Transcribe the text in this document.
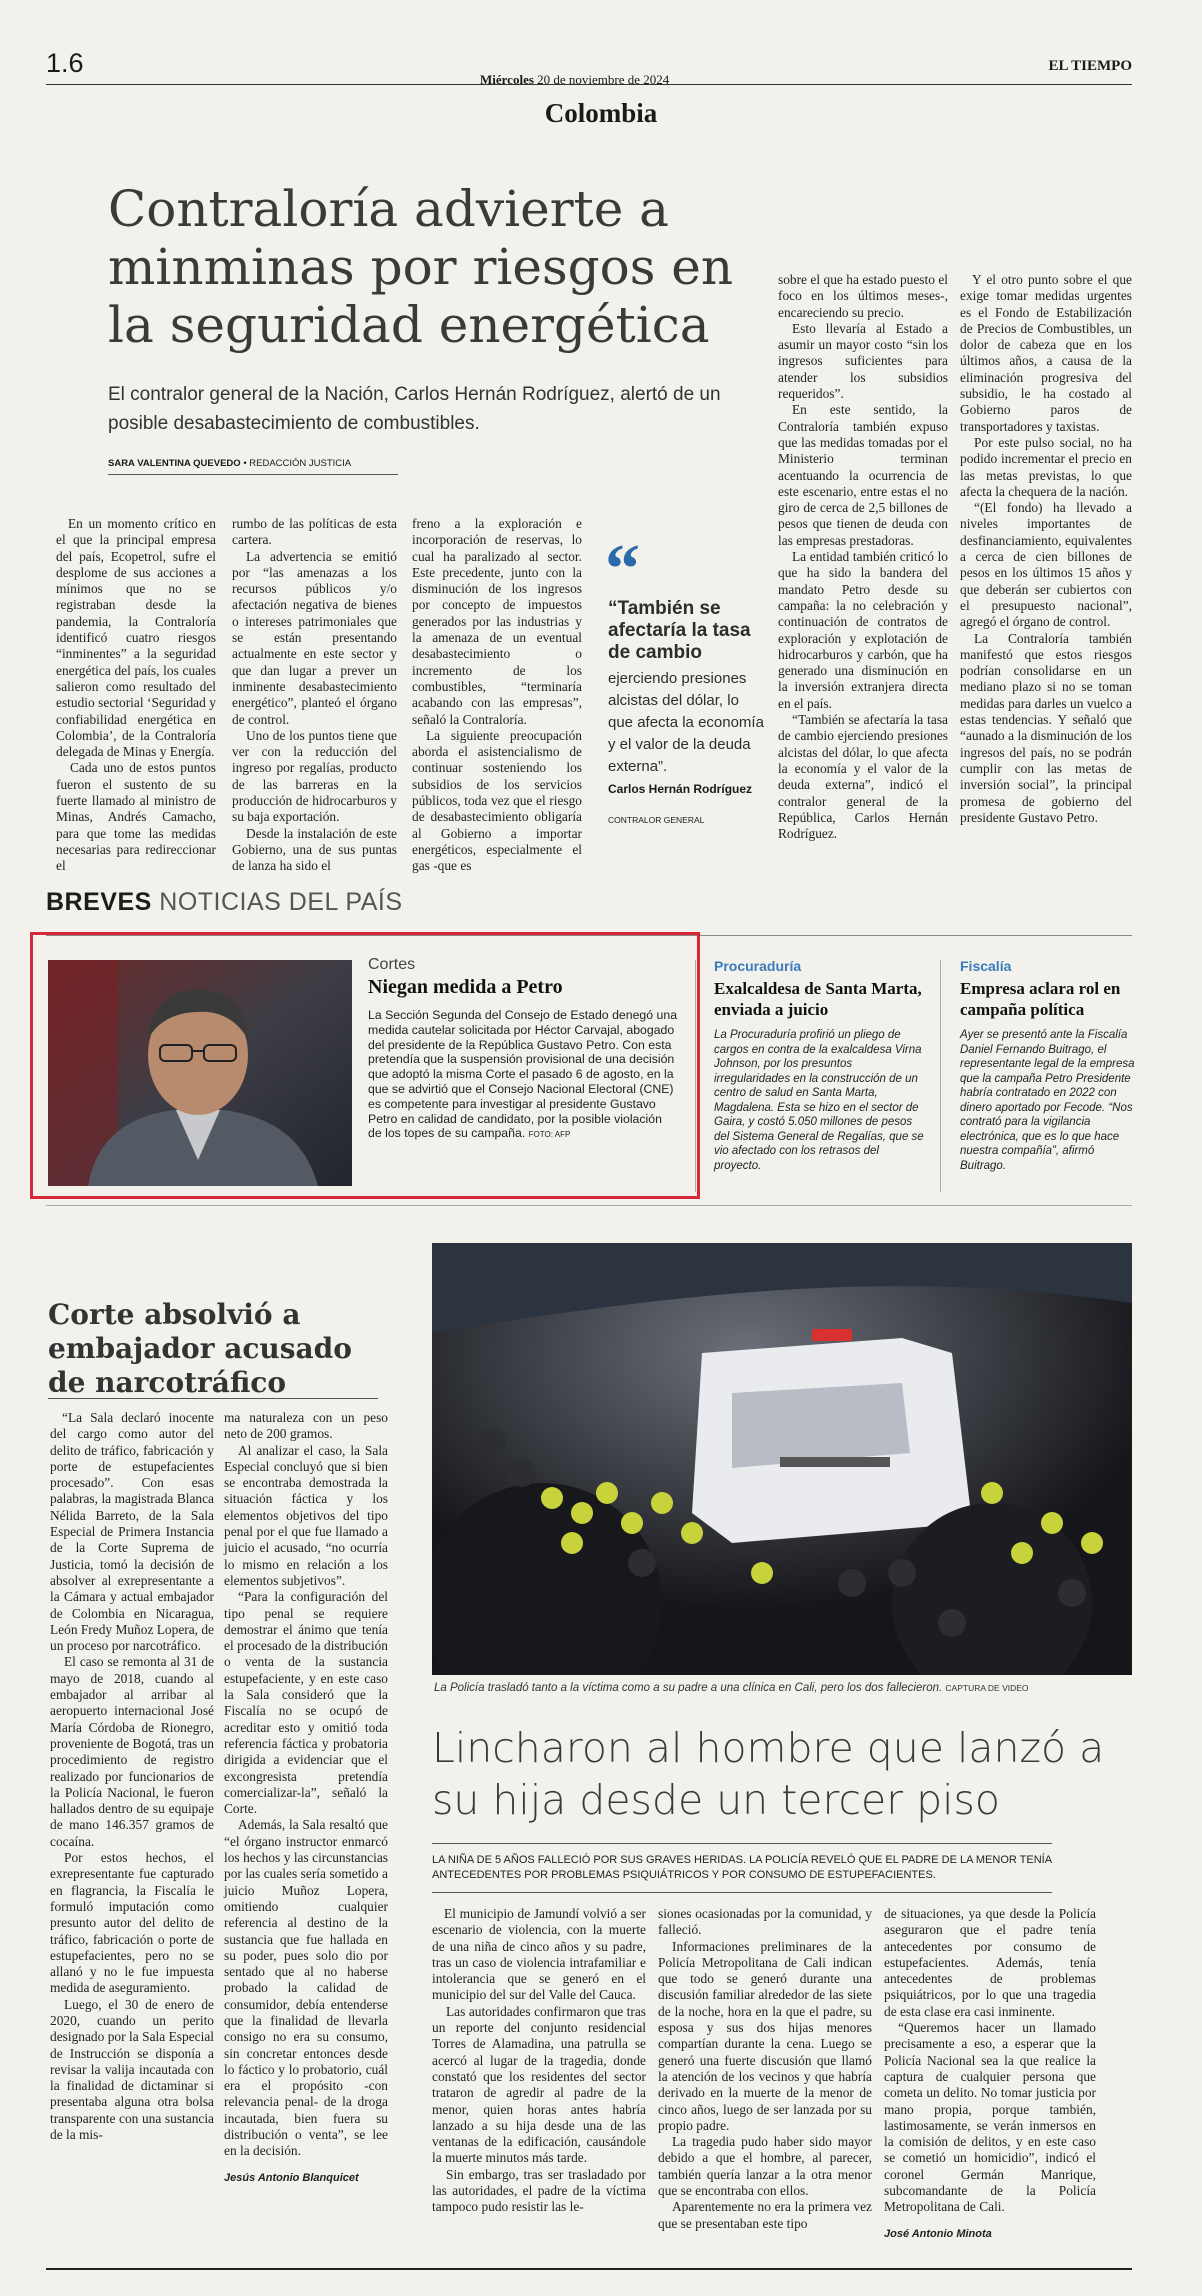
1.6
Miércoles 20 de noviembre de 2024
EL TIEMPO
Colombia
Contraloría advierte a minminas por riesgos en la seguridad energética
El contralor general de la Nación, Carlos Hernán Rodríguez, alertó de un posible desabastecimiento de combustibles.
SARA VALENTINA QUEVEDO • REDACCIÓN JUSTICIA

En un momento crítico en el que la principal empresa del país, Ecopetrol, sufre el desplome de sus acciones a mínimos que no se registraban desde la pandemia, la Contraloría identificó cuatro riesgos “inminentes” a la seguridad energética del país, los cuales salieron como resultado del estudio sectorial ‘Seguridad y confiabilidad energética en Colombia’, de la Contraloría delegada de Minas y Energía.

Cada uno de estos puntos fueron el sustento de su fuerte llamado al ministro de Minas, Andrés Camacho, para que tome las medidas necesarias para redireccionar el

rumbo de las políticas de esta cartera.

La advertencia se emitió por “las amenazas a los recursos públicos y/o afectación negativa de bienes o intereses patrimoniales que se están presentando actualmente en este sector y que dan lugar a prever un inminente desabastecimiento energético”, planteó el órgano de control.

Uno de los puntos tiene que ver con la reducción del ingreso por regalías, producto de las barreras en la producción de hidrocarburos y su baja exportación.

Desde la instalación de este Gobierno, una de sus puntas de lanza ha sido el

freno a la exploración e incorporación de reservas, lo cual ha paralizado al sector. Este precedente, junto con la disminución de los ingresos por concepto de impuestos generados por las industrias y la amenaza de un eventual desabastecimiento o incremento de los combustibles, “terminaría acabando con las empresas”, señaló la Contraloría.

La siguiente preocupación aborda el asistencialismo de continuar sosteniendo los subsidios de los servicios públicos, toda vez que el riesgo de desabastecimiento obligaría al Gobierno a importar energéticos, especialmente el gas -que es

“
“También se afectaría la tasa de cambio
ejerciendo presiones alcistas del dólar, lo que afecta la economía y el valor de la deuda externa”.
Carlos Hernán Rodríguez
CONTRALOR GENERAL

sobre el que ha estado puesto el foco en los últimos meses-, encareciendo su precio.

Esto llevaría al Estado a asumir un mayor costo “sin los ingresos suficientes para atender los subsidios requeridos”.

En este sentido, la Contraloría también expuso que las medidas tomadas por el Ministerio terminan acentuando la ocurrencia de este escenario, entre estas el no giro de cerca de 2,5 billones de pesos que tienen de deuda con las empresas prestadoras.

La entidad también criticó lo que ha sido la bandera del mandato Petro desde su campaña: la no celebración y continuación de contratos de exploración y explotación de hidrocarburos y carbón, que ha generado una disminución en la inversión extranjera directa en el país.

“También se afectaría la tasa de cambio ejerciendo presiones alcistas del dólar, lo que afecta la economía y el valor de la deuda externa”, indicó el contralor general de la República, Carlos Hernán Rodríguez.

Y el otro punto sobre el que exige tomar medidas urgentes es el Fondo de Estabilización de Precios de Combustibles, un dolor de cabeza que en los últimos años, a causa de la eliminación progresiva del subsidio, le ha costado al Gobierno paros de transportadores y taxistas.

Por este pulso social, no ha podido incrementar el precio en las metas previstas, lo que afecta la chequera de la nación.

“(El fondo) ha llevado a niveles importantes de desfinanciamiento, equivalentes a cerca de cien billones de pesos en los últimos 15 años y que deberán ser cubiertos con el presupuesto nacional”, agregó el órgano de control.

La Contraloría también manifestó que estos riesgos podrían consolidarse en un mediano plazo si no se toman medidas para darles un vuelco a estas tendencias. Y señaló que “aunado a la disminución de los ingresos del país, no se podrán cumplir con las metas de inversión social”, la principal promesa de gobierno del presidente Gustavo Petro.

BREVES NOTICIAS DEL PAÍS
Cortes
Niegan medida a Petro
La Sección Segunda del Consejo de Estado denegó una medida cautelar solicitada por Héctor Carvajal, abogado del presidente de la República Gustavo Petro. Con esta pretendía que la suspensión provisional de una decisión que adoptó la misma Corte el pasado 6 de agosto, en la que se advirtió que el Consejo Nacional Electoral (CNE) es competente para investigar al presidente Gustavo Petro en calidad de candidato, por la posible violación de los topes de su campaña. FOTO: AFP
Procuraduría
Exalcaldesa de Santa Marta, enviada a juicio
La Procuraduría profirió un pliego de cargos en contra de la exalcaldesa Virna Johnson, por los presuntos irregularidades en la construcción de un centro de salud en Santa Marta, Magdalena. Esta se hizo en el sector de Gaira, y costó 5.050 millones de pesos del Sistema General de Regalías, que se vio afectado con los retrasos del proyecto.
Fiscalía
Empresa aclara rol en campaña política
Ayer se presentó ante la Fiscalía Daniel Fernando Buitrago, el representante legal de la empresa que la campaña Petro Presidente habría contratado en 2022 con dinero aportado por Fecode. “Nos contrató para la vigilancia electrónica, que es lo que hace nuestra compañía”, afirmó Buitrago.
Corte absolvió a embajador acusado de narcotráfico

“La Sala declaró inocente del cargo como autor del delito de tráfico, fabricación y porte de estupefacientes procesado”. Con esas palabras, la magistrada Blanca Nélida Barreto, de la Sala Especial de Primera Instancia de la Corte Suprema de Justicia, tomó la decisión de absolver al exrepresentante a la Cámara y actual embajador de Colombia en Nicaragua, León Fredy Muñoz Lopera, de un proceso por narcotráfico.

El caso se remonta al 31 de mayo de 2018, cuando al embajador al arribar al aeropuerto internacional José María Córdoba de Rionegro, proveniente de Bogotá, tras un procedimiento de registro realizado por funcionarios de la Policía Nacional, le fueron hallados dentro de su equipaje de mano 146.357 gramos de cocaína.

Por estos hechos, el exrepresentante fue capturado en flagrancia, la Fiscalía le formuló imputación como presunto autor del delito de tráfico, fabricación o porte de estupefacientes, pero no se allanó y no le fue impuesta medida de aseguramiento.

Luego, el 30 de enero de 2020, cuando un perito designado por la Sala Especial de Instrucción se disponía a revisar la valija incautada con la finalidad de dictaminar si presentaba alguna otra bolsa transparente con una sustancia de la mis-

ma naturaleza con un peso neto de 200 gramos.

Al analizar el caso, la Sala Especial concluyó que si bien se encontraba demostrada la situación fáctica y los elementos objetivos del tipo penal por el que fue llamado a juicio el acusado, “no ocurría lo mismo en relación a los elementos subjetivos”.

“Para la configuración del tipo penal se requiere demostrar el ánimo que tenía el procesado de la distribución o venta de la sustancia estupefaciente, y en este caso la Sala consideró que la Fiscalía no se ocupó de acreditar esto y omitió toda referencia fáctica y probatoria dirigida a evidenciar que el excongresista pretendía comercializar-la”, señaló la Corte.

Además, la Sala resaltó que “el órgano instructor enmarcó los hechos y las circunstancias por las cuales sería sometido a juicio Muñoz Lopera, omitiendo cualquier referencia al destino de la sustancia que fue hallada en su poder, pues solo dio por sentado que al no haberse probado la calidad de consumidor, debía entenderse que la finalidad de llevarla consigo no era su consumo, sin concretar entonces desde lo fáctico y lo probatorio, cuál era el propósito -con relevancia penal- de la droga incautada, bien fuera su distribución o venta”, se lee en la decisión.

Jesús Antonio Blanquicet
La Policía trasladó tanto a la víctima como a su padre a una clínica en Cali, pero los dos fallecieron. CAPTURA DE VIDEO
Lincharon al hombre que lanzó a su hija desde un tercer piso
LA NIÑA DE 5 AÑOS FALLECIÓ POR SUS GRAVES HERIDAS. LA POLICÍA REVELÓ QUE EL PADRE DE LA MENOR TENÍA ANTECEDENTES POR PROBLEMAS PSIQUIÁTRICOS Y POR CONSUMO DE ESTUPEFACIENTES.

El municipio de Jamundí volvió a ser escenario de violencia, con la muerte de una niña de cinco años y su padre, tras un caso de violencia intrafamiliar e intolerancia que se generó en el municipio del sur del Valle del Cauca.

Las autoridades confirmaron que tras un reporte del conjunto residencial Torres de Alamadina, una patrulla se acercó al lugar de la tragedia, donde constató que los residentes del sector trataron de agredir al padre de la menor, quien horas antes habría lanzado a su hija desde una de las ventanas de la edificación, causándole la muerte minutos más tarde.

Sin embargo, tras ser trasladado por las autoridades, el padre de la víctima tampoco pudo resistir las le-

siones ocasionadas por la comunidad, y falleció.

Informaciones preliminares de la Policía Metropolitana de Cali indican que todo se generó durante una discusión familiar alrededor de las siete de la noche, hora en la que el padre, su esposa y sus dos hijas menores compartían durante la cena. Luego se generó una fuerte discusión que llamó la atención de los vecinos y que habría derivado en la muerte de la menor de cinco años, luego de ser lanzada por su propio padre.

La tragedia pudo haber sido mayor debido a que el hombre, al parecer, también quería lanzar a la otra menor que se encontraba con ellos.

Aparentemente no era la primera vez que se presentaban este tipo

de situaciones, ya que desde la Policía aseguraron que el padre tenía antecedentes por consumo de estupefacientes. Además, tenía antecedentes de problemas psiquiátricos, por lo que una tragedia de esta clase era casi inminente.

“Queremos hacer un llamado precisamente a eso, a esperar que la Policía Nacional sea la que realice la captura de cualquier persona que cometa un delito. No tomar justicia por mano propia, porque también, lastimosamente, se verán inmersos en la comisión de delitos, y en este caso se cometió un homicidio”, indicó el coronel Germán Manrique, subcomandante de la Policía Metropolitana de Cali.

José Antonio Minota
